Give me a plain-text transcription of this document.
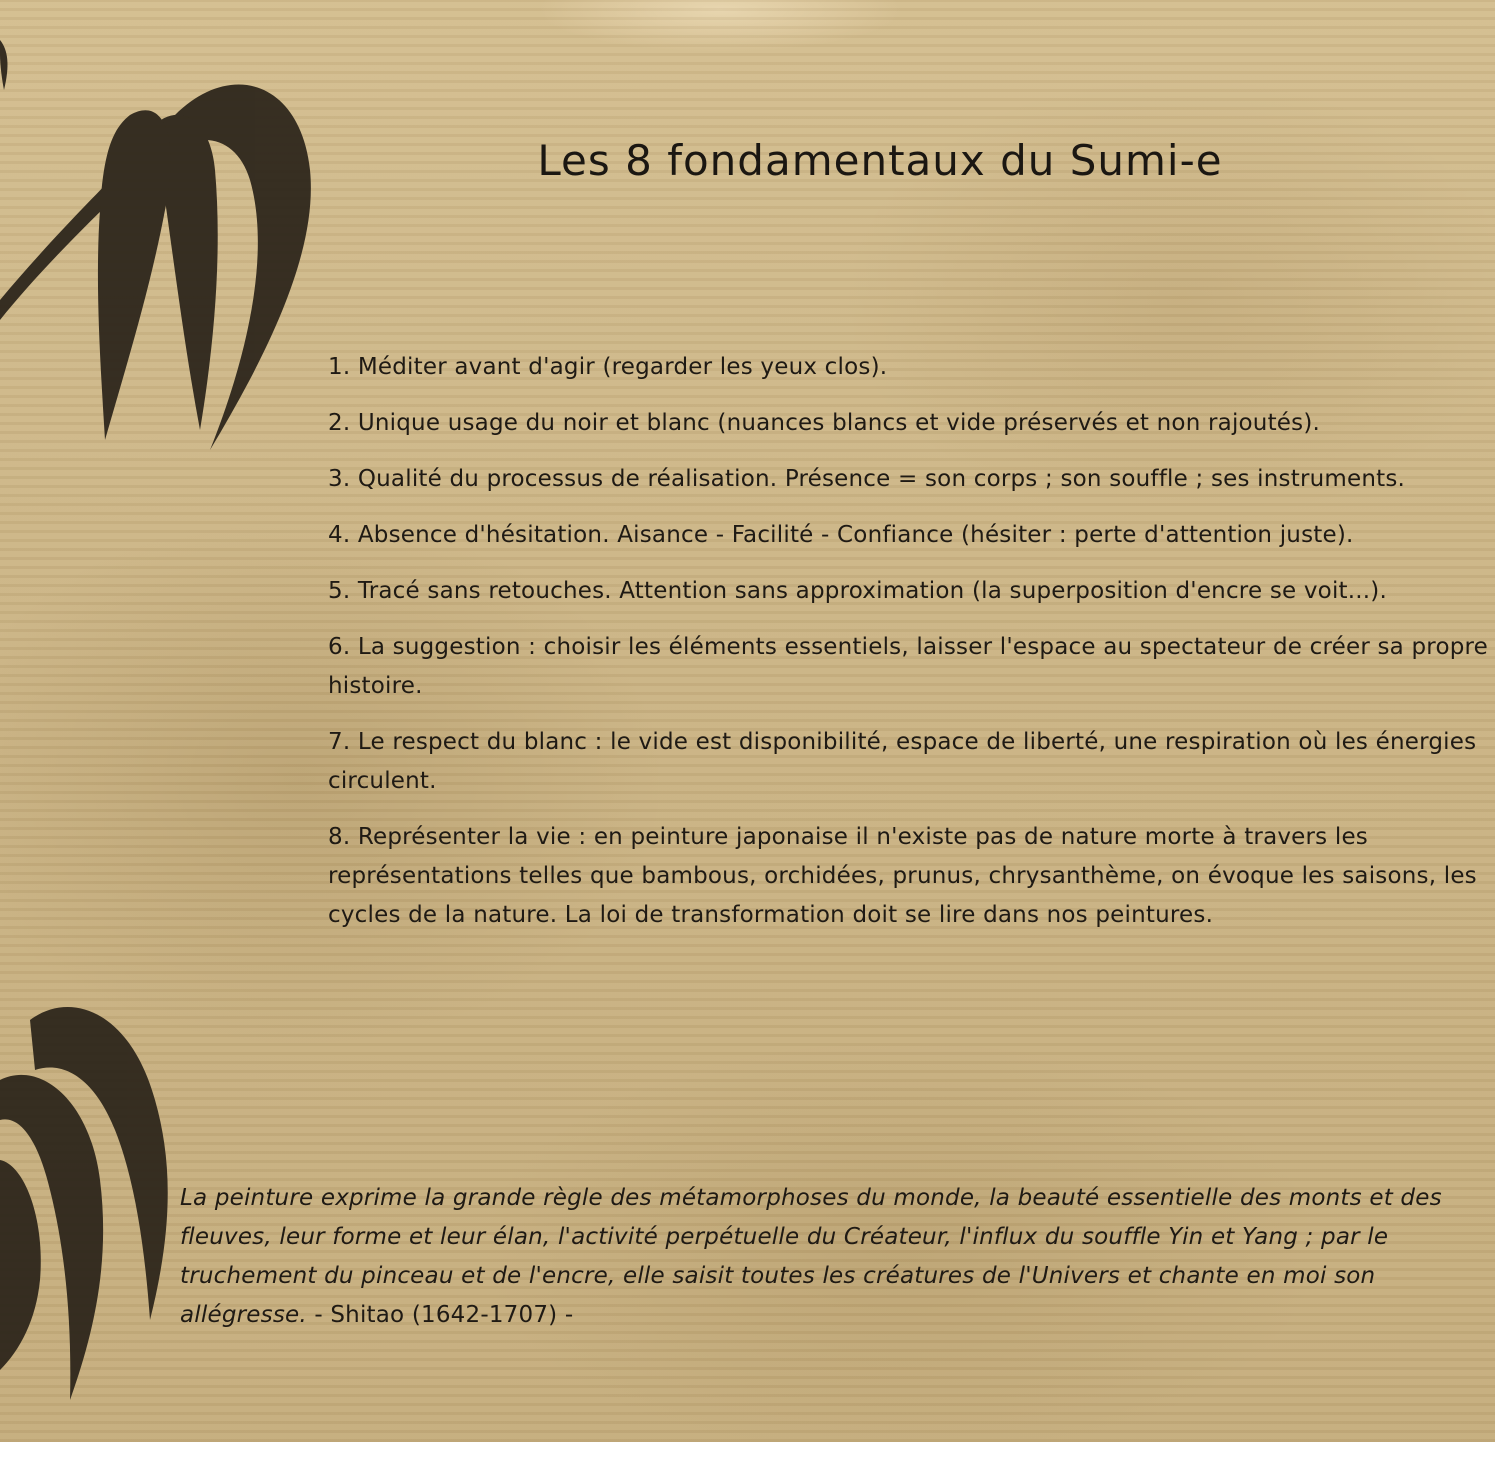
Les 8 fondamentaux du Sumi-e
1. Méditer avant d'agir (regarder les yeux clos).
2. Unique usage du noir et blanc (nuances blancs et vide préservés et non rajoutés).
3. Qualité du processus de réalisation. Présence = son corps ; son souffle ; ses instruments.
4. Absence d'hésitation. Aisance - Facilité - Confiance (hésiter : perte d'attention juste).
5. Tracé sans retouches. Attention sans approximation (la superposition d'encre se voit...).
6. La suggestion : choisir les éléments essentiels, laisser l'espace au spectateur de créer sa propre histoire.
7. Le respect du blanc : le vide est disponibilité, espace de liberté, une respiration où les énergies circulent.
8. Représenter la vie : en peinture japonaise il n'existe pas de nature morte à travers les représentations telles que bambous, orchidées, prunus, chrysanthème, on évoque les saisons, les cycles de la nature. La loi de transformation doit se lire dans nos peintures.

La peinture exprime la grande règle des métamorphoses du monde, la beauté essentielle des monts et des fleuves, leur forme et leur élan, l'activité perpétuelle du Créateur, l'influx du souffle Yin et Yang ; par le truchement du pinceau et de l'encre, elle saisit toutes les créatures de l'Univers et chante en moi son allégresse. - Shitao (1642-1707) -
